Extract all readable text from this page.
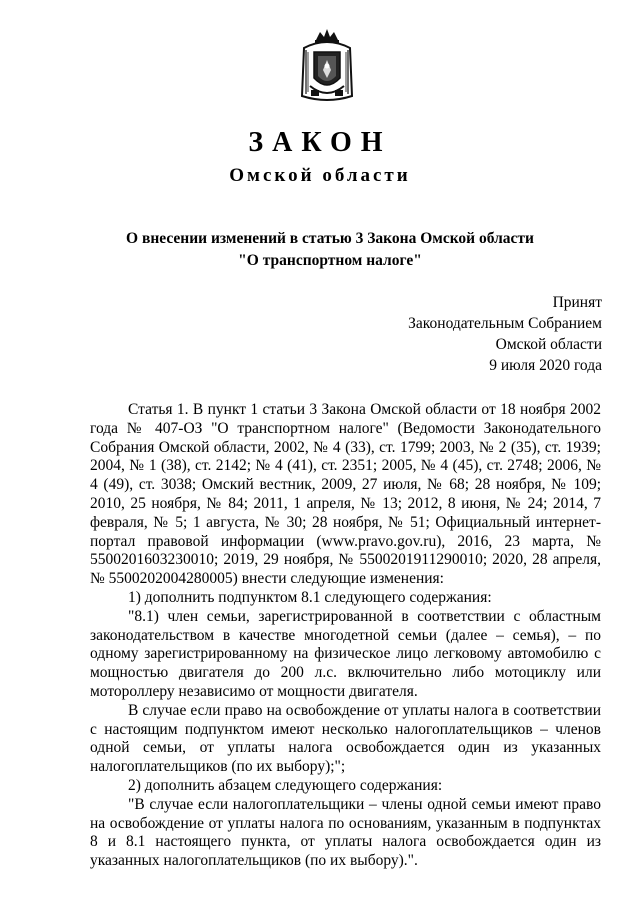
ЗАКОН
Омской области
О внесении изменений в статью 3 Закона Омской области
"О транспортном налоге"
Принят
Законодательным Собранием
Омской области
9 июля 2020 года

Статья 1. В пункт 1 статьи 3 Закона Омской области от 18 ноября 2002 года № 407-ОЗ "О транспортном налоге" (Ведомости Законодательного Собрания Омской области, 2002, № 4 (33), ст. 1799; 2003, № 2 (35), ст. 1939; 2004, № 1 (38), ст. 2142; № 4 (41), ст. 2351; 2005, № 4 (45), ст. 2748; 2006, № 4 (49), ст. 3038; Омский вестник, 2009, 27 июля, № 68; 28 ноября, № 109; 2010, 25 ноября, № 84; 2011, 1 апреля, № 13; 2012, 8 июня, № 24; 2014, 7 февраля, № 5; 1 августа, № 30; 28 ноября, № 51; Официальный интернет-портал правовой информации (www.pravo.gov.ru), 2016, 23 марта, № 5500201603230010; 2019, 29 ноября, № 5500201911290010; 2020, 28 апреля, № 5500202004280005) внести следующие изменения:

1) дополнить подпунктом 8.1 следующего содержания:

"8.1) член семьи, зарегистрированной в соответствии с областным законодательством в качестве многодетной семьи (далее – семья), – по одному зарегистрированному на физическое лицо легковому автомобилю с мощностью двигателя до 200 л.с. включительно либо мотоциклу или мотороллеру независимо от мощности двигателя.

В случае если право на освобождение от уплаты налога в соответствии с настоящим подпунктом имеют несколько налогоплательщиков – членов одной семьи, от уплаты налога освобождается один из указанных налогоплательщиков (по их выбору);";

2) дополнить абзацем следующего содержания:

"В случае если налогоплательщики – члены одной семьи имеют право на освобождение от уплаты налога по основаниям, указанным в подпунктах 8 и 8.1 настоящего пункта, от уплаты налога освобождается один из указанных налогоплательщиков (по их выбору).".
